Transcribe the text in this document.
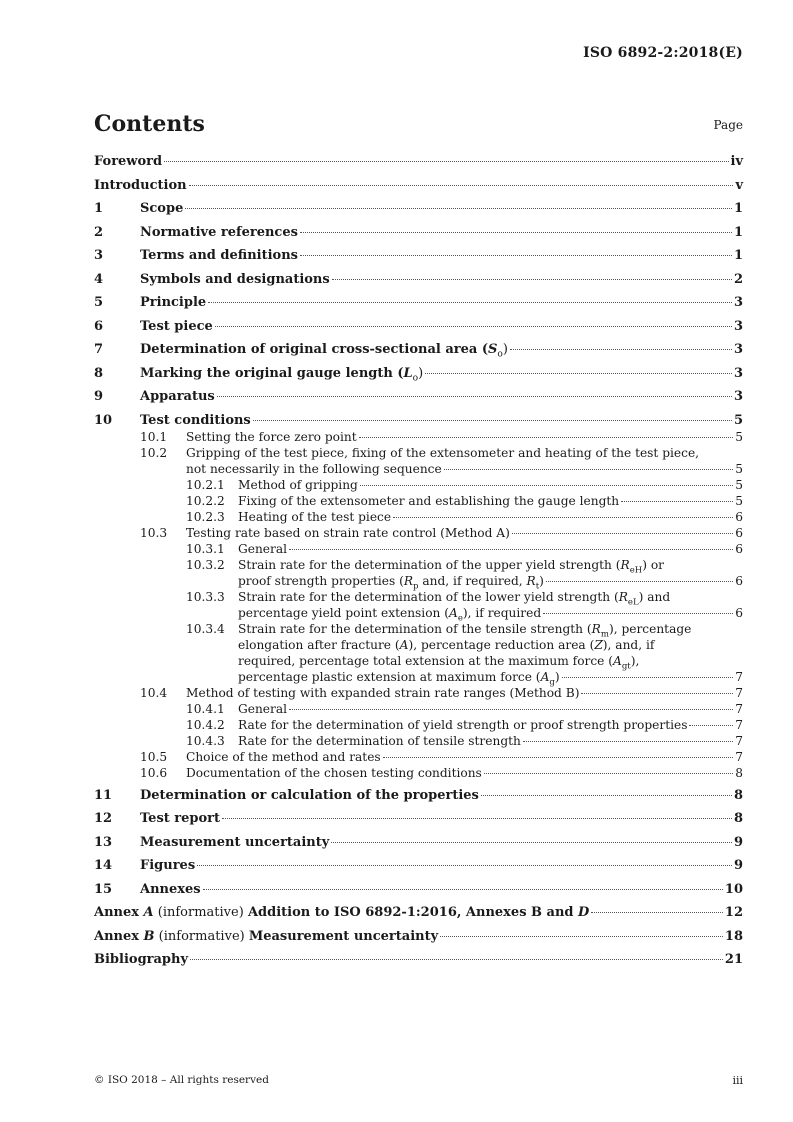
ISO 6892-2:2018(E)
Contents	Page
Foreword	iv
Introduction	v
1	Scope	1
2	Normative references	1
3	Terms and definitions	1
4	Symbols and designations	2
5	Principle	3
6	Test piece	3
7	Determination of original cross-sectional area $(S_o)$	3
8	Marking the original gauge length $(L_o)$	3
9	Apparatus	3
10	Test conditions	5
10.1	Setting the force zero point	5
10.2	Gripping of the test piece, fixing of the extensometer and heating of the test piece,
not necessarily in the following sequence	5
10.2.1	Method of gripping	5
10.2.2	Fixing of the extensometer and establishing the gauge length	5
10.2.3	Heating of the test piece	6
10.3	Testing rate based on strain rate control (Method A)	6
10.3.1	General	6
10.3.2	Strain rate for the determination of the upper yield strength $(R_{eH})$ or
proof strength properties ($R_p$ and, if required, $R_t$)	6
10.3.3	Strain rate for the determination of the lower yield strength $(R_{eL})$ and
percentage yield point extension $(A_e)$, if required	6
10.3.4	Strain rate for the determination of the tensile strength $(R_m)$, percentage
elongation after fracture (A), percentage reduction area (Z), and, if
required, percentage total extension at the maximum force $(A_{gt})$,
percentage plastic extension at maximum force $(A_g)$	7
10.4	Method of testing with expanded strain rate ranges (Method B)	7
10.4.1	General	7
10.4.2	Rate for the determination of yield strength or proof strength properties	7
10.4.3	Rate for the determination of tensile strength	7
10.5	Choice of the method and rates	7
10.6	Documentation of the chosen testing conditions	8
11	Determination or calculation of the properties	8
12	Test report	8
13	Measurement uncertainty	9
14	Figures	9
15	Annexes	10
Annex A (informative) Addition to ISO 6892-1:2016, Annexes B and D	12
Annex B (informative) Measurement uncertainty	18
Bibliography	21
© ISO 2018 – All rights reserved	iii
